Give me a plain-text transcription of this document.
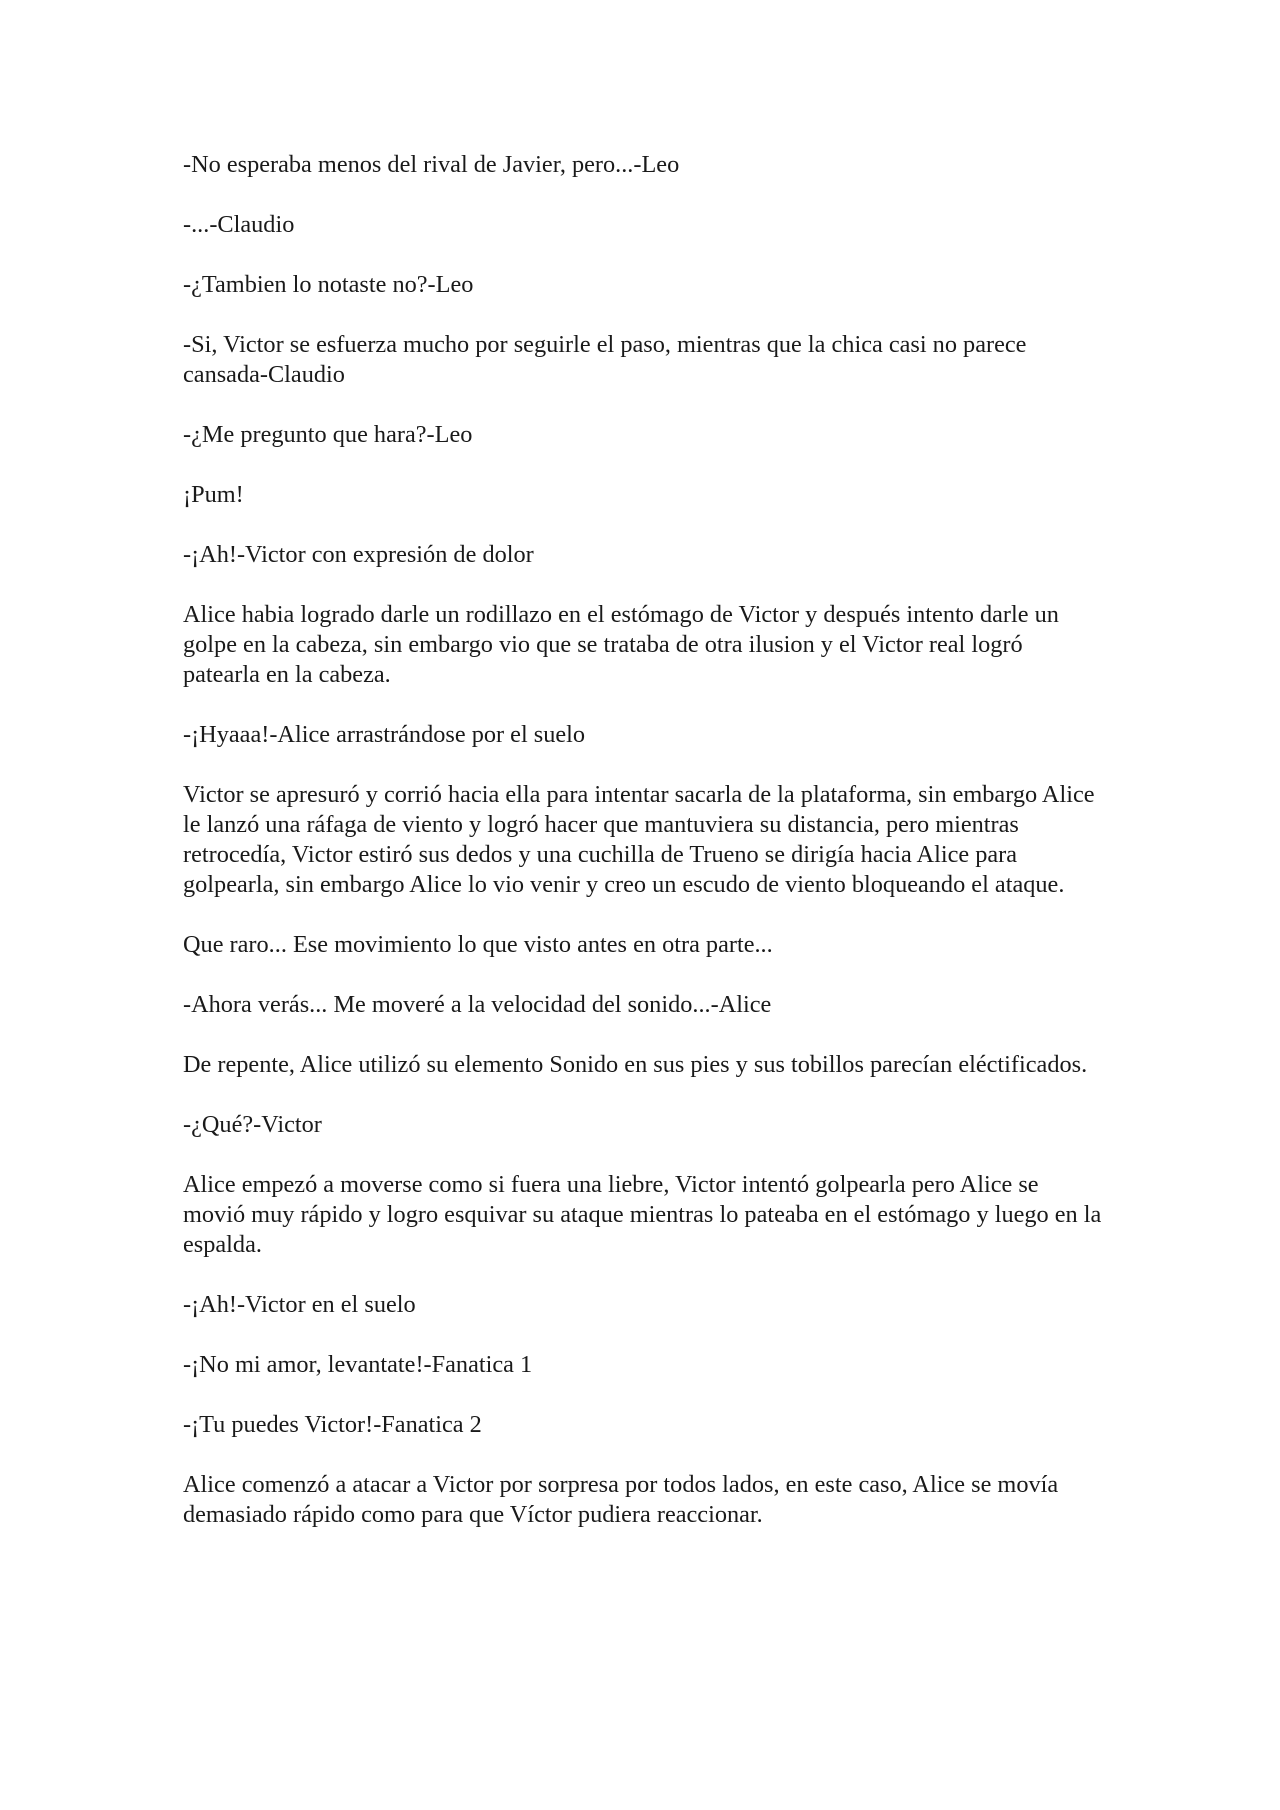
-No esperaba menos del rival de Javier, pero...-Leo

-...-Claudio

-¿Tambien lo notaste no?-Leo

-Si, Victor se esfuerza mucho por seguirle el paso, mientras que la chica casi no parece cansada-Claudio

-¿Me pregunto que hara?-Leo

¡Pum!

-¡Ah!-Victor con expresión de dolor

Alice habia logrado darle un rodillazo en el estómago de Victor y después intento darle un golpe en la cabeza, sin embargo vio que se trataba de otra ilusion y el Victor real logró patearla en la cabeza.

-¡Hyaaa!-Alice arrastrándose por el suelo

Victor se apresuró y corrió hacia ella para intentar sacarla de la plataforma, sin embargo Alice le lanzó una ráfaga de viento y logró hacer que mantuviera su distancia, pero mientras retrocedía, Victor estiró sus dedos y una cuchilla de Trueno se dirigía hacia Alice para golpearla, sin embargo Alice lo vio venir y creo un escudo de viento bloqueando el ataque.

Que raro... Ese movimiento lo que visto antes en otra parte...

-Ahora verás... Me moveré a la velocidad del sonido...-Alice

De repente, Alice utilizó su elemento Sonido en sus pies y sus tobillos parecían eléctificados.

-¿Qué?-Victor

Alice empezó a moverse como si fuera una liebre, Victor intentó golpearla pero Alice se movió muy rápido y logro esquivar su ataque mientras lo pateaba en el estómago y luego en la espalda.

-¡Ah!-Victor en el suelo

-¡No mi amor, levantate!-Fanatica 1

-¡Tu puedes Victor!-Fanatica 2

Alice comenzó a atacar a Victor por sorpresa por todos lados, en este caso, Alice se movía demasiado rápido como para que Víctor pudiera reaccionar.
